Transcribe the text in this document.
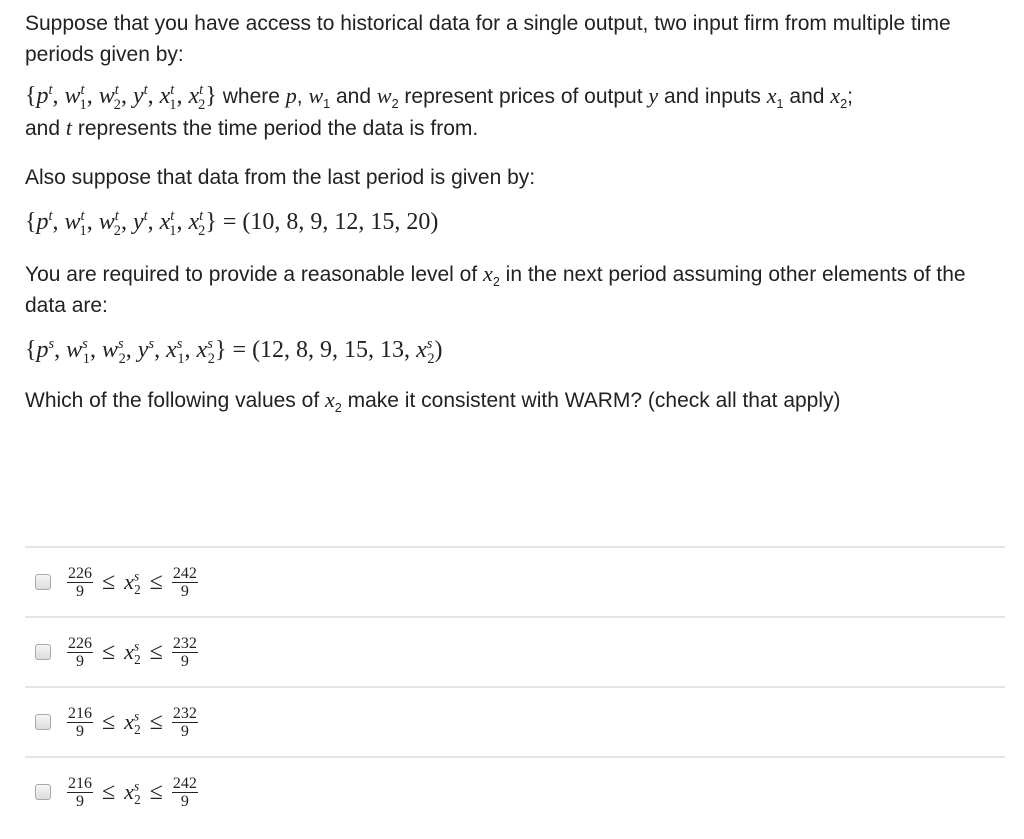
Suppose that you have access to historical data for a single output, two input firm from multiple time periods given by:

{$p^t$, $w^t_1$, $w^t_2$, $y^t$, $x^t_1$, $x^t_2$} where p, $w_1$ and $w_2$ represent prices of output y and inputs $x_1$ and $x_2$;
and t represents the time period the data is from.

Also suppose that data from the last period is given by:

{$p^t$, $w^t_1$, $w^t_2$, $y^t$, $x^t_1$, $x^t_2\} = (10$, 8, 9, 12, 15, 20)

You are required to provide a reasonable level of $x_2$ in the next period assuming other elements of the data are:

{$p^s$, $w^s_1$, $w^s_2$, $y^s$, $x^s_1$, $x^s_2\} = (12$, 8, 9, 15, 13, $x^s_2$)

Which of the following values of $x_2$ make it consistent with WARM? (check all that apply)

$\frac{226}{9} \le x^s_2 \le \frac{242}{9}$
$\frac{226}{9} \le x^s_2 \le \frac{232}{9}$
$\frac{216}{9} \le x^s_2 \le \frac{232}{9}$
$\frac{216}{9} \le x^s_2 \le \frac{242}{9}$
